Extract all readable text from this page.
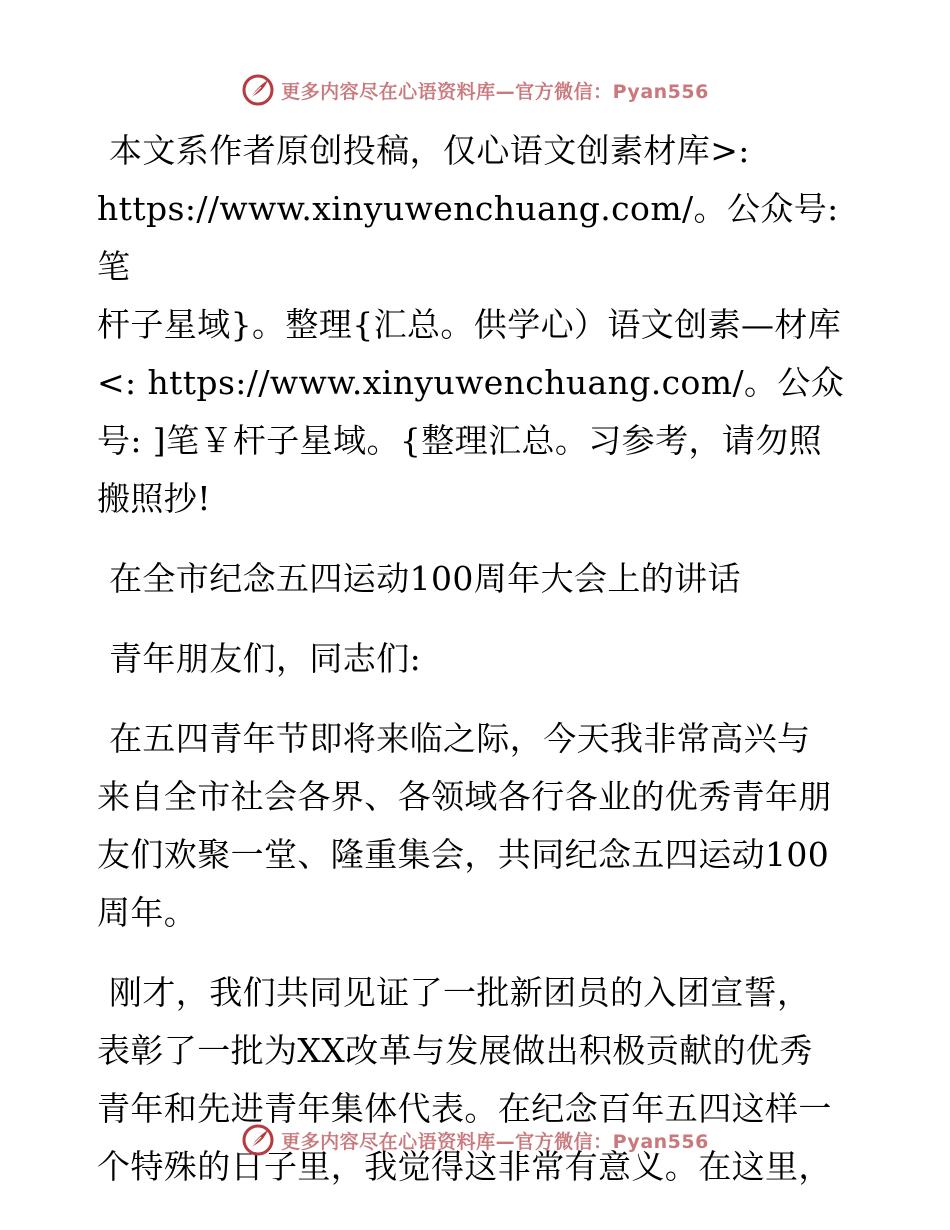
更多内容尽在心语资料库—官方微信：Pyan556

本文系作者原创投稿，仅心语文创素材库>:

https://www.xinyuwenchuang.com/。公众号: 笔

杆子星域}。整理{汇总。供学心）语文创素—材库

<: https://www.xinyuwenchuang.com/。公众

号: ]笔￥杆子星域。{整理汇总。习参考，请勿照

搬照抄!

在全市纪念五四运动100周年大会上的讲话

青年朋友们，同志们:

在五四青年节即将来临之际，今天我非常高兴与

来自全市社会各界、各领域各行各业的优秀青年朋

友们欢聚一堂、隆重集会，共同纪念五四运动100

周年。

刚才，我们共同见证了一批新团员的入团宣誓，

表彰了一批为XX改革与发展做出积极贡献的优秀

青年和先进青年集体代表。在纪念百年五四这样一

个特殊的日子里，我觉得这非常有意义。在这里，

更多内容尽在心语资料库—官方微信：Pyan556
